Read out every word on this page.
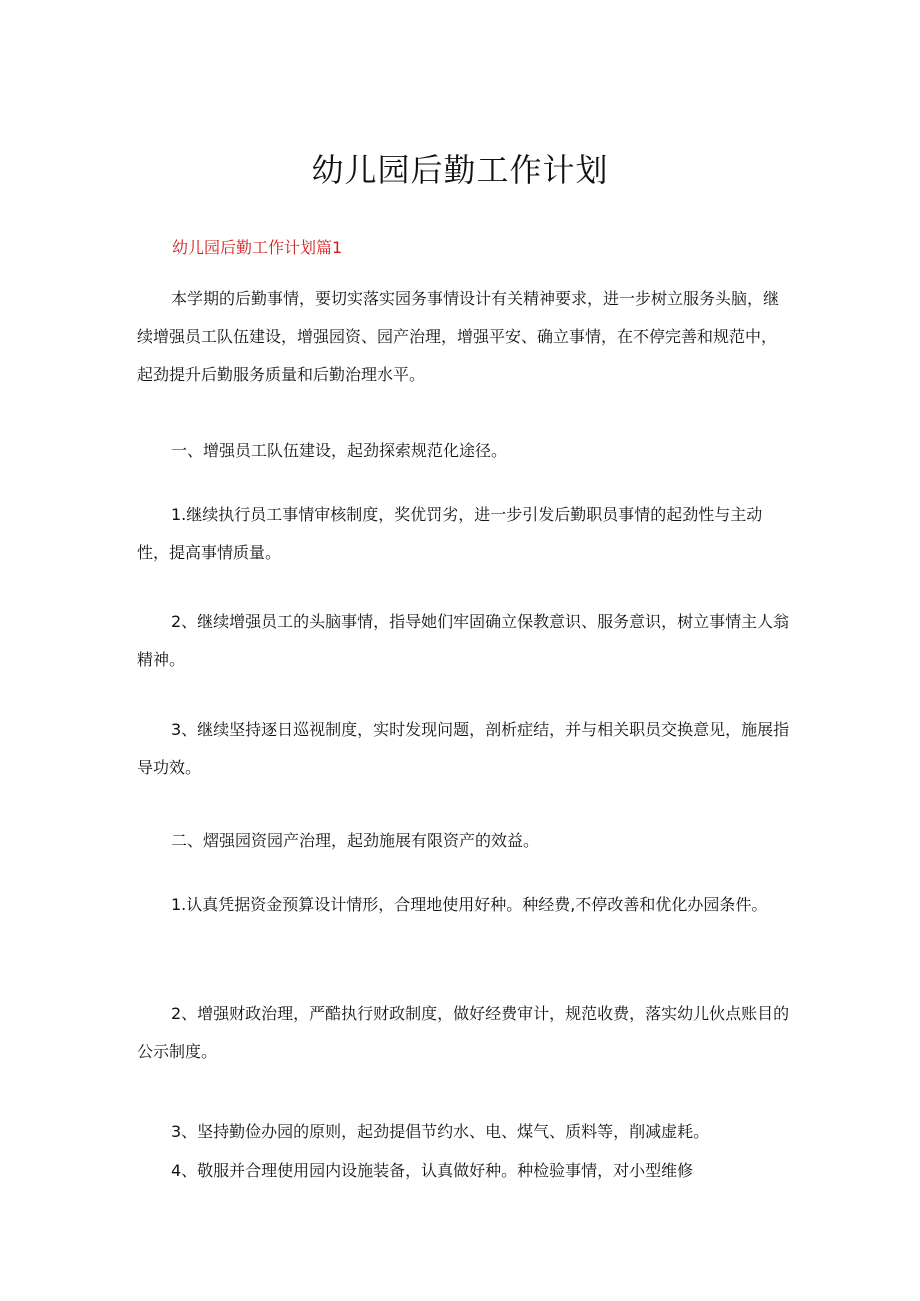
幼儿园后勤工作计划
幼儿园后勤工作计划篇1

本学期的后勤事情，要切实落实园务事情设计有关精神要求，进一步树立服务头脑，继续增强员工队伍建设，增强园资、园产治理，增强平安、确立事情，在不停完善和规范中，起劲提升后勤服务质量和后勤治理水平。

一、增强员工队伍建设，起劲探索规范化途径。

1.继续执行员工事情审核制度，奖优罚劣，进一步引发后勤职员事情的起劲性与主动性，提高事情质量。

2、继续增强员工的头脑事情，指导她们牢固确立保教意识、服务意识，树立事情主人翁精神。

3、继续坚持逐日巡视制度，实时发现问题，剖析症结，并与相关职员交换意见，施展指导功效。

二、熠强园资园产治理，起劲施展有限资产的效益。

1.认真凭据资金预算设计情形，合理地使用好种。种经费,不停改善和优化办园条件。

2、增强财政治理，严酷执行财政制度，做好经费审计，规范收费，落实幼儿伙点账目的公示制度。

3、坚持勤俭办园的原则，起劲提倡节约水、电、煤气、质料等，削减虚耗。
4、敬服并合理使用园内设施装备，认真做好种。种检验事情，对小型维修
